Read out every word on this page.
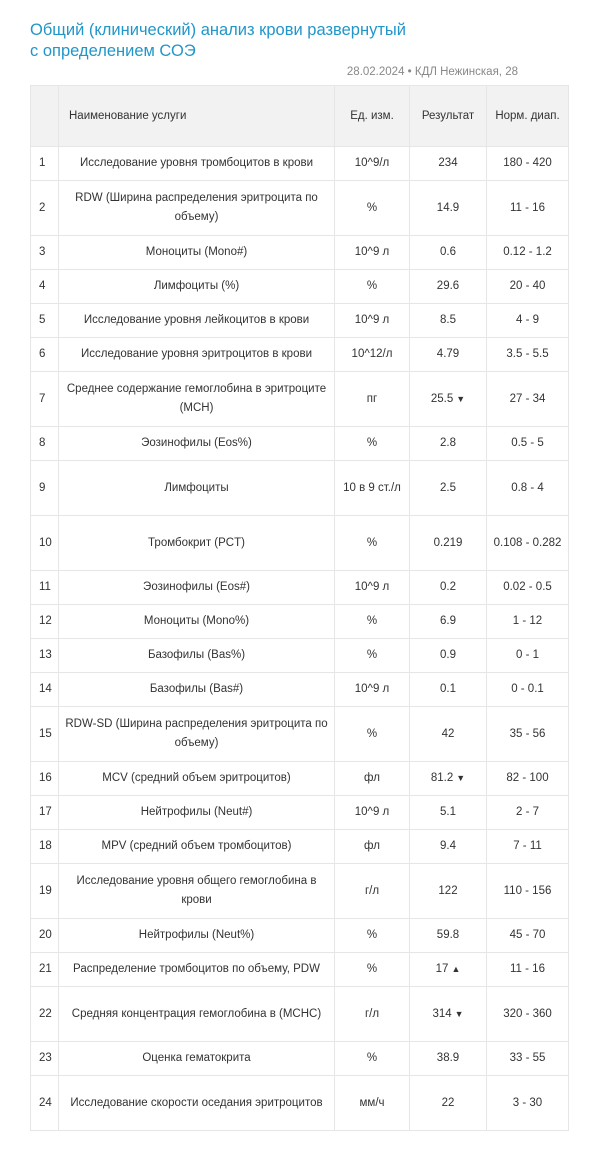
Общий (клинический) анализ крови развернутый
с определением СОЭ
28.02.2024 • КДЛ Нежинская, 28
	Наименование услуги	Ед. изм.	Результат	Норм. диап.
1	Исследование уровня тромбоцитов в крови	10^9/л	234	180 - 420
2	RDW (Ширина распределения эритроцита по объему)	%	14.9	11 - 16
3	Моноциты (Mono#)	10^9 л	0.6	0.12 - 1.2
4	Лимфоциты (%)	%	29.6	20 - 40
5	Исследование уровня лейкоцитов в крови	10^9 л	8.5	4 - 9
6	Исследование уровня эритроцитов в крови	10^12/л	4.79	3.5 - 5.5
7	Среднее содержание гемоглобина в эритроците (MCH)	пг	25.5 ▼	27 - 34
8	Эозинофилы (Eos%)	%	2.8	0.5 - 5
9	Лимфоциты	10 в 9 ст./л	2.5	0.8 - 4
10	Тромбокрит (PCT)	%	0.219	0.108 - 0.282
11	Эозинофилы (Eos#)	10^9 л	0.2	0.02 - 0.5
12	Моноциты (Mono%)	%	6.9	1 - 12
13	Базофилы (Bas%)	%	0.9	0 - 1
14	Базофилы (Bas#)	10^9 л	0.1	0 - 0.1
15	RDW-SD (Ширина распределения эритроцита по объему)	%	42	35 - 56
16	MCV (средний объем эритроцитов)	фл	81.2 ▼	82 - 100
17	Нейтрофилы (Neut#)	10^9 л	5.1	2 - 7
18	MPV (средний объем тромбоцитов)	фл	9.4	7 - 11
19	Исследование уровня общего гемоглобина в крови	г/л	122	110 - 156
20	Нейтрофилы (Neut%)	%	59.8	45 - 70
21	Распределение тромбоцитов по объему, PDW	%	17 ▲	11 - 16
22	Средняя концентрация гемоглобина в (MCHC)	г/л	314 ▼	320 - 360
23	Оценка гематокрита	%	38.9	33 - 55
24	Исследование скорости оседания эритроцитов	мм/ч	22	3 - 30
